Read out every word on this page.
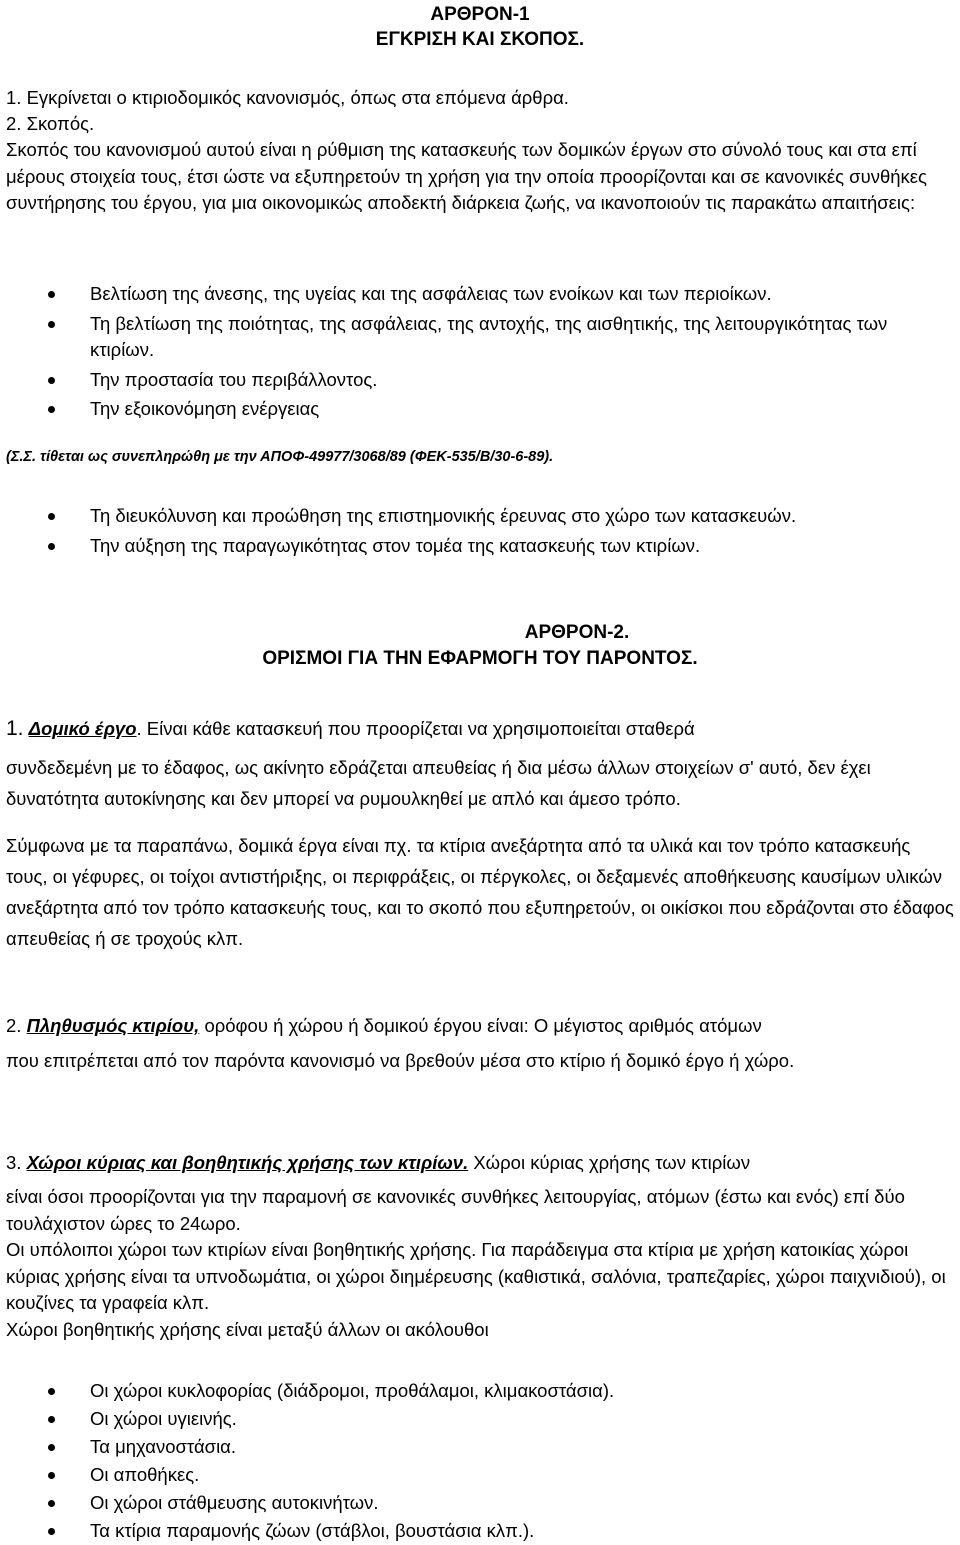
ΑΡΘΡΟΝ-1
ΕΓΚΡΙΣΗ ΚΑΙ ΣΚΟΠΟΣ.

1. Εγκρίνεται ο κτιριοδομικός κανονισμός, όπως στα επόμενα άρθρα.

2. Σκοπός.

Σκοπός του κανονισμού αυτού είναι η ρύθμιση της κατασκευής των δομικών έργων στο σύνολό τους και στα επί μέρους στοιχεία τους, έτσι ώστε να εξυπηρετούν τη χρήση για την οποία προορίζονται και σε κανονικές συνθήκες συντήρησης του έργου, για μια οικονομικώς αποδεκτή διάρκεια ζωής, να ικανοποιούν τις παρακάτω απαιτήσεις:

Βελτίωση της άνεσης, της υγείας και της ασφάλειας των ενοίκων και των περιοίκων.
Τη βελτίωση της ποιότητας, της ασφάλειας, της αντοχής, της αισθητικής, της λειτουργικότητας των κτιρίων.
Την προστασία του περιβάλλοντος.
Την εξοικονόμηση ενέργειας
(Σ.Σ. τίθεται ως συνεπληρώθη με την ΑΠΟΦ-49977/3068/89 (ΦΕΚ-535/Β/30-6-89).
Τη διευκόλυνση και προώθηση της επιστημονικής έρευνας στο χώρο των κατασκευών.
Την αύξηση της παραγωγικότητας στον τομέα της κατασκευής των κτιρίων.
ΑΡΘΡΟΝ-2.
ΟΡΙΣΜΟΙ ΓΙΑ ΤΗΝ ΕΦΑΡΜΟΓΗ ΤΟΥ ΠΑΡΟΝΤΟΣ.

1. Δομικό έργο. Είναι κάθε κατασκευή που προορίζεται να χρησιμοποιείται σταθερά

συνδεδεμένη με το έδαφος, ως ακίνητο εδράζεται απευθείας ή δια μέσω άλλων στοιχείων σ' αυτό, δεν έχει δυνατότητα αυτοκίνησης και δεν μπορεί να ρυμουλκηθεί με απλό και άμεσο τρόπο.

Σύμφωνα με τα παραπάνω, δομικά έργα είναι πχ. τα κτίρια ανεξάρτητα από τα υλικά και τον τρόπο κατασκευής τους, οι γέφυρες, οι τοίχοι αντιστήριξης, οι περιφράξεις, οι πέργκολες, οι δεξαμενές αποθήκευσης καυσίμων υλικών ανεξάρτητα από τον τρόπο κατασκευής τους, και το σκοπό που εξυπηρετούν, οι οικίσκοι που εδράζονται στο έδαφος απευθείας ή σε τροχούς κλπ.

2. Πληθυσμός κτιρίου, ορόφου ή χώρου ή δομικού έργου είναι: Ο μέγιστος αριθμός ατόμων

που επιτρέπεται από τον παρόντα κανονισμό να βρεθούν μέσα στο κτίριο ή δομικό έργο ή χώρο.

3. Χώροι κύριας και βοηθητικής χρήσης των κτιρίων. Χώροι κύριας χρήσης των κτιρίων

είναι όσοι προορίζονται για την παραμονή σε κανονικές συνθήκες λειτουργίας, ατόμων (έστω και ενός) επί δύο τουλάχιστον ώρες το 24ωρο.

Οι υπόλοιποι χώροι των κτιρίων είναι βοηθητικής χρήσης. Για παράδειγμα στα κτίρια με χρήση κατοικίας χώροι κύριας χρήσης είναι τα υπνοδωμάτια, οι χώροι διημέρευσης (καθιστικά, σαλόνια, τραπεζαρίες, χώροι παιχνιδιού), οι κουζίνες τα γραφεία κλπ.

Χώροι βοηθητικής χρήσης είναι μεταξύ άλλων οι ακόλουθοι

Οι χώροι κυκλοφορίας (διάδρομοι, προθάλαμοι, κλιμακοστάσια).
Οι χώροι υγιεινής.
Τα μηχανοστάσια.
Οι αποθήκες.
Οι χώροι στάθμευσης αυτοκινήτων.
Τα κτίρια παραμονής ζώων (στάβλοι, βουστάσια κλπ.).
